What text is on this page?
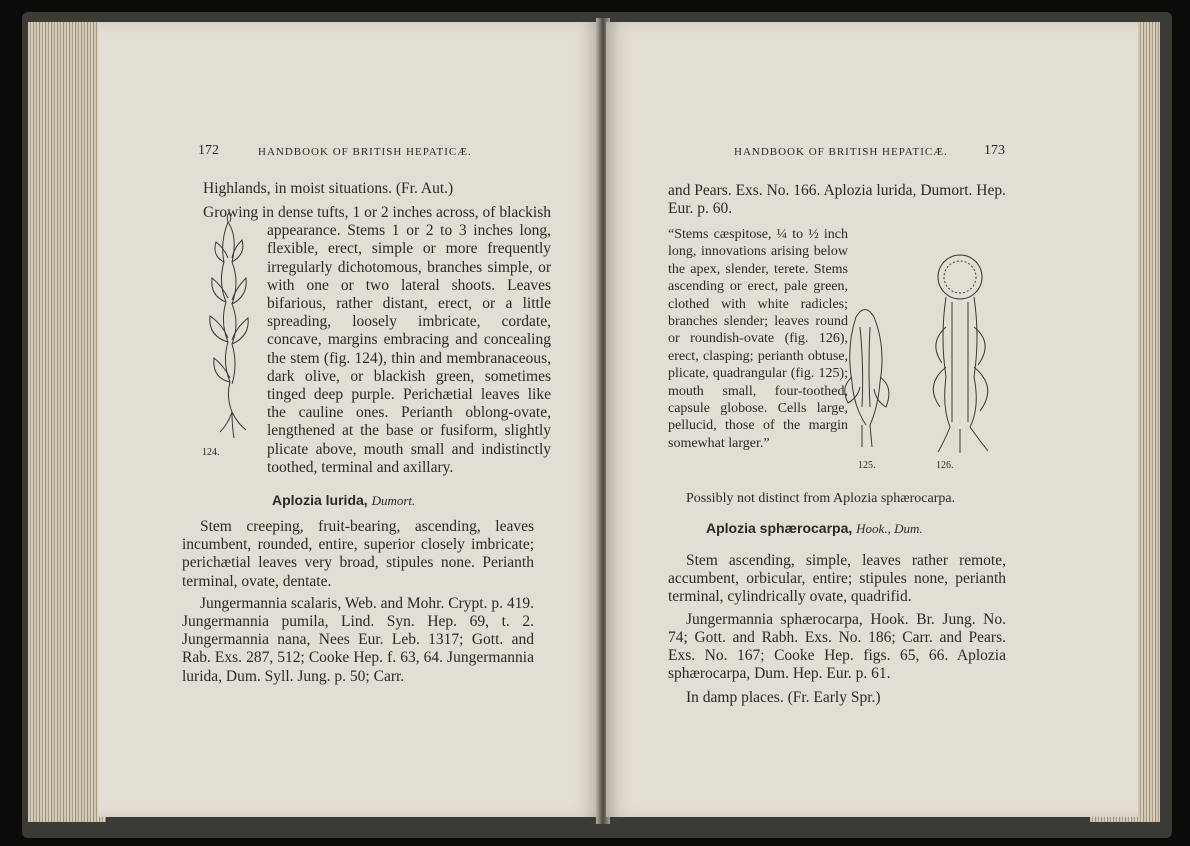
172	HANDBOOK OF BRITISH HEPATICÆ.
Highlands, in moist situations. (Fr. Aut.)
124.
Growing in dense tufts, 1 or 2 inches across, of blackish appearance. Stems 1 or 2 to 3 inches long, flexible, erect, simple or more frequently irregularly dichotomous, branches simple, or with one or two lateral shoots. Leaves bifarious, rather distant, erect, or a little spreading, loosely imbricate, cordate, concave, margins embracing and concealing the stem (fig. 124), thin and membranaceous, dark olive, or blackish green, sometimes tinged deep purple. Perichætial leaves like the cauline ones. Perianth oblong-ovate, lengthened at the base or fusiform, slightly plicate above, mouth small and indistinctly toothed, terminal and axillary.
Aplozia lurida, Dumort.

Stem creeping, fruit-bearing, ascending, leaves incumbent, rounded, entire, superior closely imbricate; perichætial leaves very broad, stipules none. Perianth terminal, ovate, dentate.

Jungermannia scalaris, Web. and Mohr. Crypt. p. 419. Jungermannia pumila, Lind. Syn. Hep. 69, t. 2. Jungermannia nana, Nees Eur. Leb. 1317; Gott. and Rab. Exs. 287, 512; Cooke Hep. f. 63, 64. Jungermannia lurida, Dum. Syll. Jung. p. 50; Carr.

HANDBOOK OF BRITISH HEPATICÆ.	173
and Pears. Exs. No. 166. Aplozia lurida, Dumort. Hep. Eur. p. 60.
“Stems cæspitose, ¼ to ½ inch long, innovations arising below the apex, slender, terete. Stems ascending or erect, pale green, clothed with white radicles; branches slender; leaves round or roundish-ovate (fig. 126), erect, clasping; perianth obtuse, plicate, quadrangular (fig. 125); mouth small, four-toothed, capsule globose. Cells large, pellucid, those of the margin somewhat larger.”
125.	126.
Possibly not distinct from Aplozia sphærocarpa.
Aplozia sphærocarpa, Hook., Dum.

Stem ascending, simple, leaves rather remote, accumbent, orbicular, entire; stipules none, perianth terminal, cylindrically ovate, quadrifid.

Jungermannia sphærocarpa, Hook. Br. Jung. No. 74; Gott. and Rabh. Exs. No. 186; Carr. and Pears. Exs. No. 167; Cooke Hep. figs. 65, 66. Aplozia sphærocarpa, Dum. Hep. Eur. p. 61.

In damp places. (Fr. Early Spr.)
